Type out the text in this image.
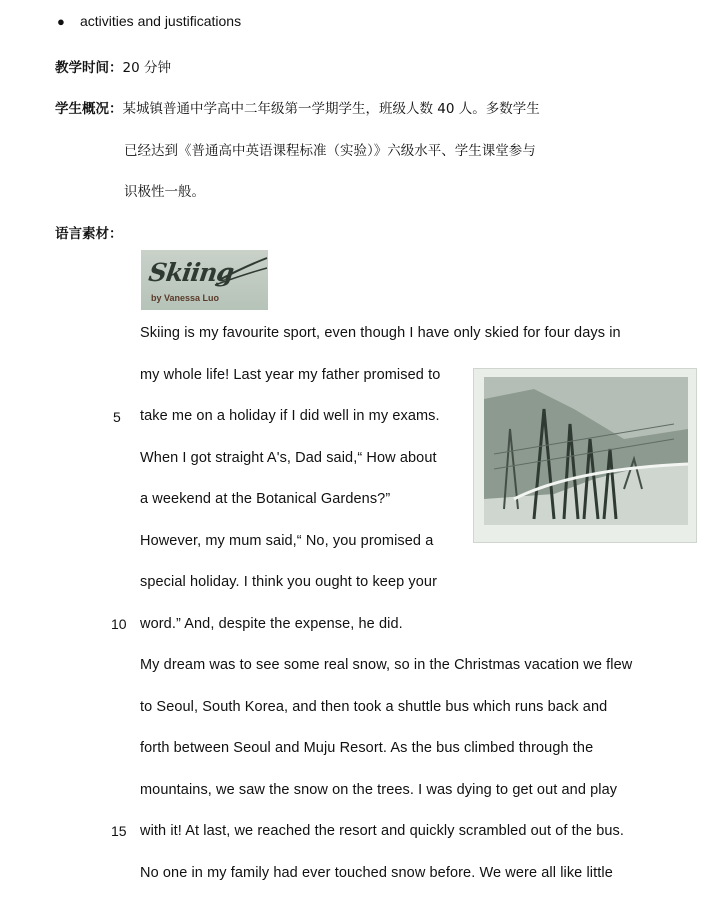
● activities and justifications
教学时间：20 分钟
学生概况：某城镇普通中学高中二年级第一学期学生，班级人数 40 人。多数学生
已经达到《普通高中英语课程标准（实验）》六级水平、学生课堂参与
识极性一般。
语言素材：
Skiing
by Vanessa Luo
5
10
15
Skiing is my favourite sport, even though I have only skied for four days in
my whole life! Last year my father promised to
take me on a holiday if I did well in my exams.
When I got straight A's, Dad said,“ How about
a weekend at the Botanical Gardens?”
However, my mum said,“ No, you promised a
special holiday. I think you ought to keep your
word.” And, despite the expense, he did.
My dream was to see some real snow, so in the Christmas vacation we flew
to Seoul, South Korea, and then took a shuttle bus which runs back and
forth between Seoul and Muju Resort. As the bus climbed through the
mountains, we saw the snow on the trees. I was dying to get out and play
with it! At last, we reached the resort and quickly scrambled out of the bus.
No one in my family had ever touched snow before. We were all like little
